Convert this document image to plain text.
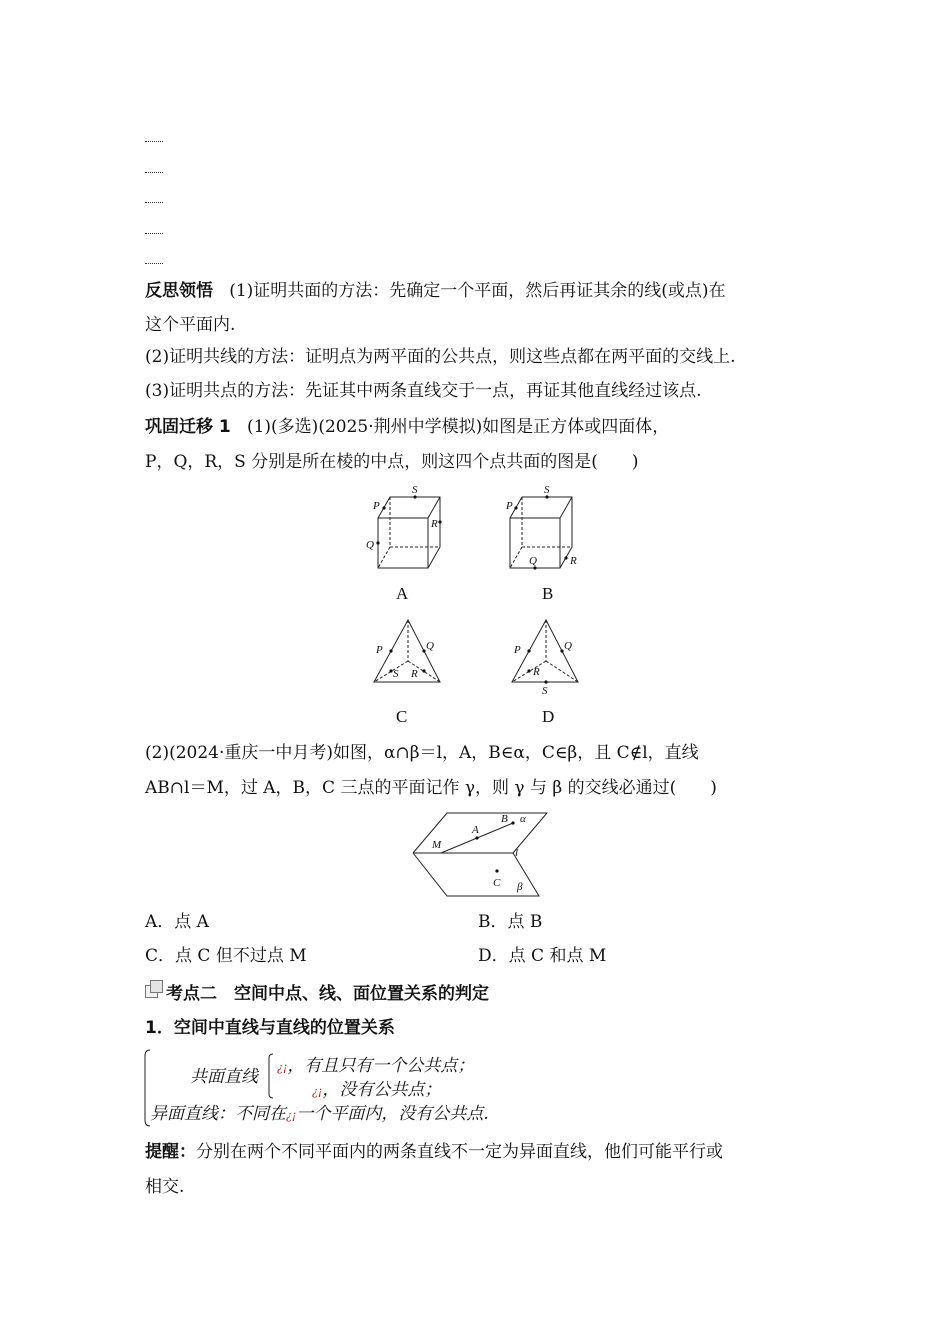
反思领悟 (1)证明共面的方法：先确定一个平面，然后再证其余的线(或点)在
这个平面内.
(2)证明共线的方法：证明点为两平面的公共点，则这些点都在两平面的交线上.
(3)证明共点的方法：先证其中两条直线交于一点，再证其他直线经过该点.
巩固迁移 1 (1)(多选)(2025·荆州中学模拟)如图是正方体或四面体，
P，Q，R，S 分别是所在棱的中点，则这四个点共面的图是(　　)
S
P
R
Q
S
P
Q	R
A	B
P	Q
S R
P	Q
R
S
C	D
(2)(2024·重庆一中月考)如图，α∩β＝l，A，B∈α，C∈β，且 C∉l，直线
AB∩l＝M，过 A，B，C 三点的平面记作 γ，则 γ 与 β 的交线必通过(　　)
M
A
B α
l
C β
A．点 A	B．点 B
C．点 C 但不过点 M	D．点 C 和点 M
考点二　空间中点、线、面位置关系的判定
1．空间中直线与直线的位置关系
共面直线 ¿¡，有且只有一个公共点；
¿¡，没有公共点；
异面直线：不同在¿¡一个平面内，没有公共点.
提醒：分别在两个不同平面内的两条直线不一定为异面直线，他们可能平行或
相交.
